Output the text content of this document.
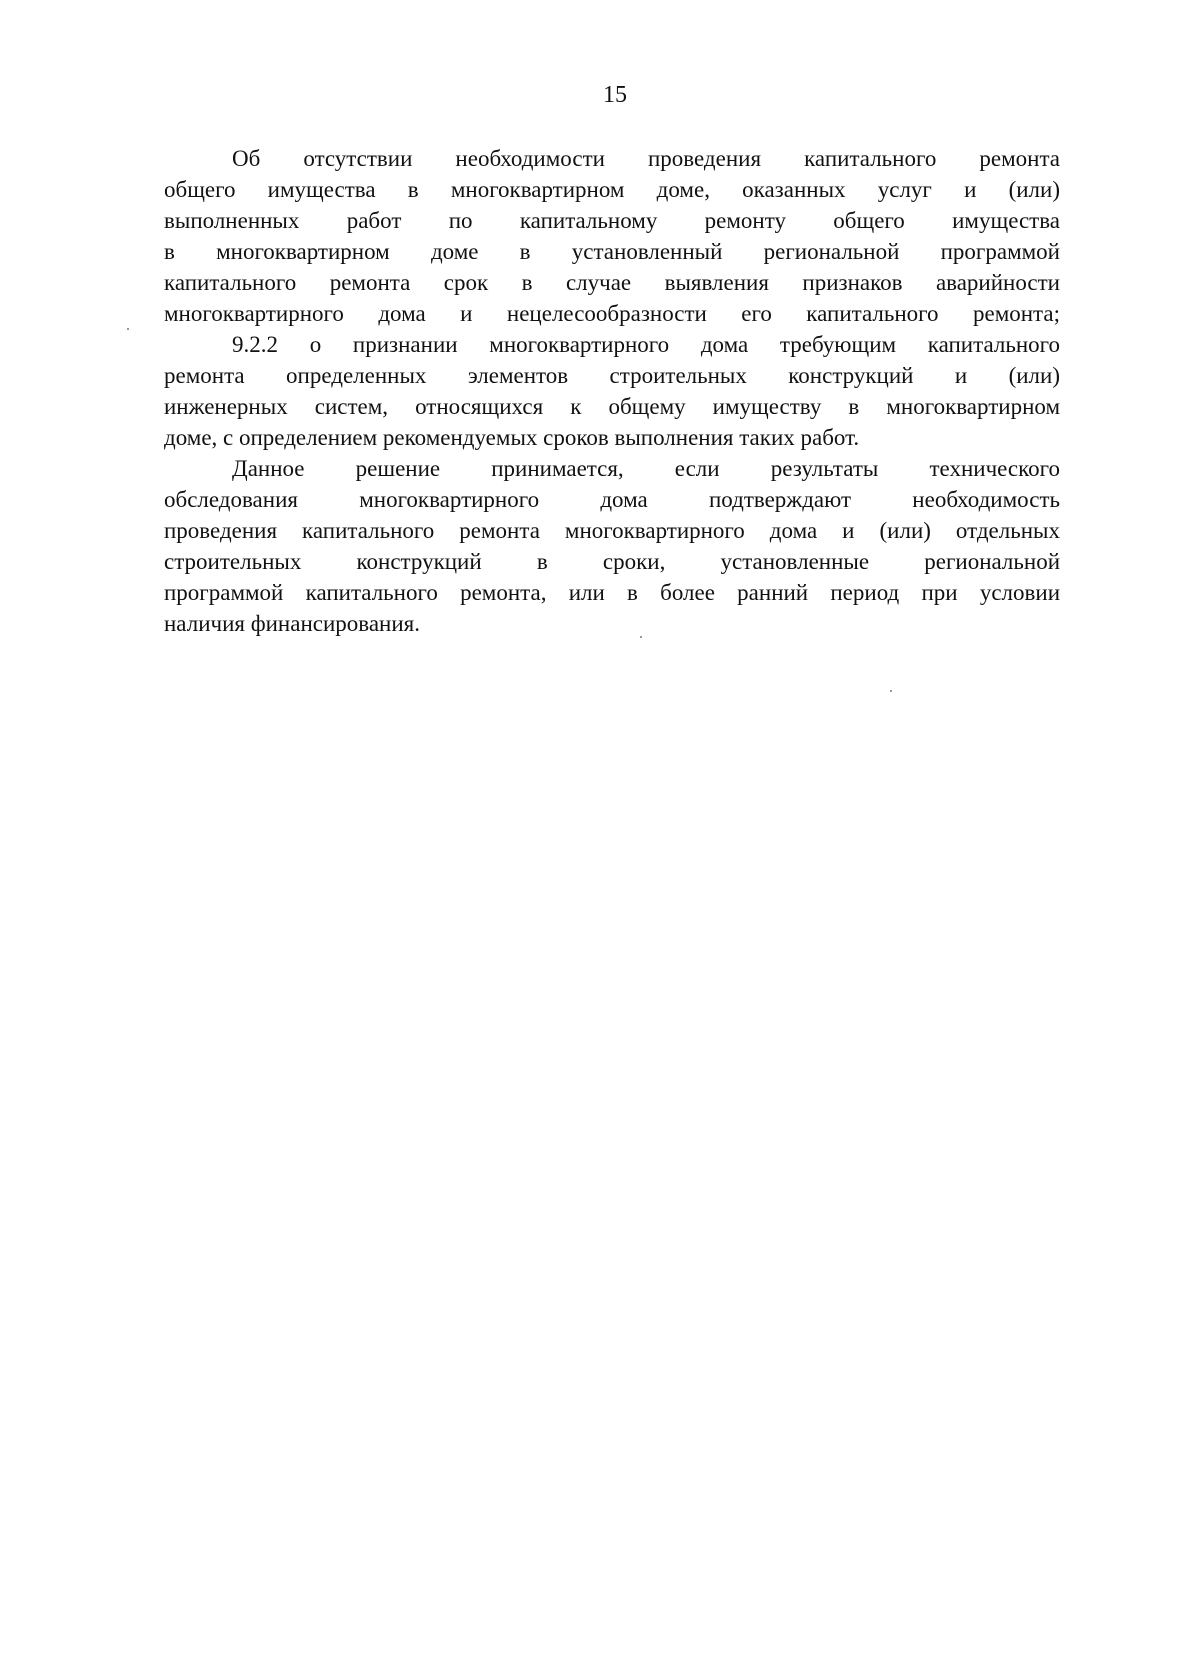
15
Об отсутствии необходимости проведения капитального ремонта
общего имущества в многоквартирном доме, оказанных услуг и (или)
выполненных работ по капитальному ремонту общего имущества
в многоквартирном доме в установленный региональной программой
капитального ремонта срок в случае выявления признаков аварийности
многоквартирного дома и нецелесообразности его капитального ремонта;
9.2.2 о признании многоквартирного дома требующим капитального
ремонта определенных элементов строительных конструкций и (или)
инженерных систем, относящихся к общему имуществу в многоквартирном
доме, с определением рекомендуемых сроков выполнения таких работ.
Данное решение принимается, если результаты технического
обследования многоквартирного дома подтверждают необходимость
проведения капитального ремонта многоквартирного дома и (или) отдельных
строительных конструкций в сроки, установленные региональной
программой капитального ремонта, или в более ранний период при условии
наличия финансирования.
